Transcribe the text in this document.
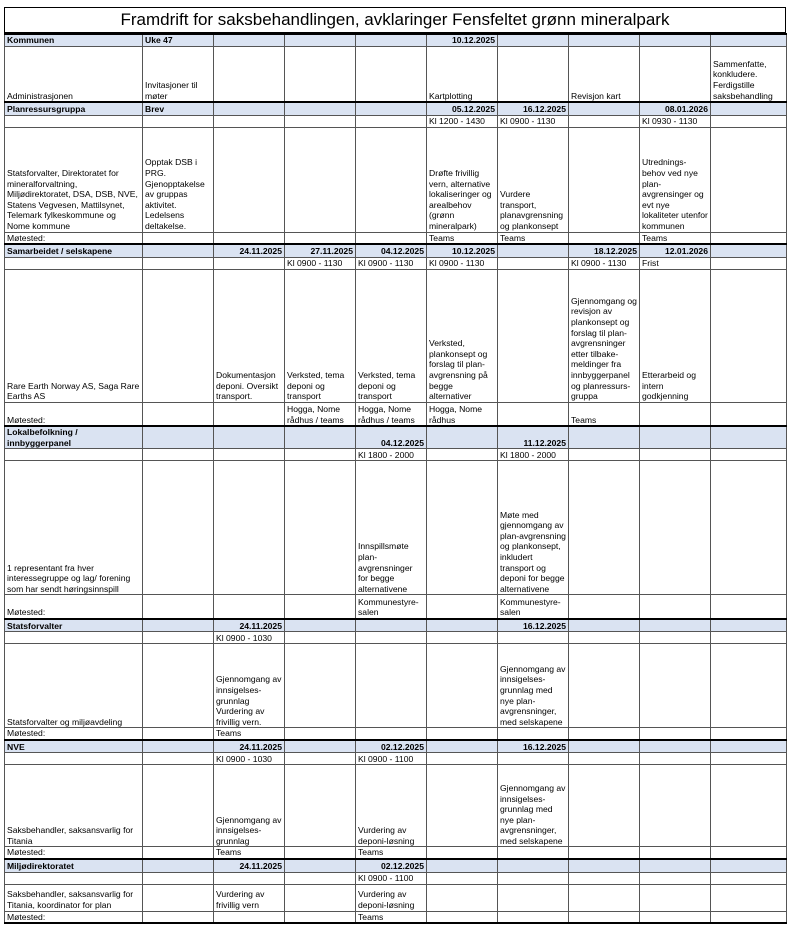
Framdrift for saksbehandlingen, avklaringer Fensfeltet grønn mineralpark
Kommunen	Uke 47				10.12.2025				
Administrasjonen	Invitasjoner til møter				Kartplotting		Revisjon kart		Sammenfatte, konkludere. Ferdigstille saksbehandling
Planressursgruppa	Brev				05.12.2025	16.12.2025		08.01.2026	
					Kl 1200 - 1430	Kl 0900 - 1130		Kl 0930 - 1130	
Statsforvalter, Direktoratet for mineralforvaltning, Miljødirektoratet, DSA, DSB, NVE, Statens Vegvesen, Mattilsynet, Telemark fylkeskommune og Nome kommune	Opptak DSB i PRG. Gjenopptakelse av gruppas aktivitet. Ledelsens deltakelse.				Drøfte frivillig vern, alternative lokaliseringer og arealbehov (grønn mineralpark)	Vurdere transport, planavgrensning og plankonsept		Utrednings-behov ved nye plan-avgrensinger og evt nye lokaliteter utenfor kommunen	
Møtested:					Teams	Teams		Teams	
Samarbeidet / selskapene		24.11.2025	27.11.2025	04.12.2025	10.12.2025		18.12.2025	12.01.2026	
			Kl 0900 - 1130	Kl 0900 - 1130	Kl 0900 - 1130		Kl 0900 - 1130	Frist	
Rare Earth Norway AS, Saga Rare Earths AS		Dokumentasjon deponi. Oversikt transport.	Verksted, tema deponi og transport	Verksted, tema deponi og transport	Verksted, plankonsept og forslag til plan-avgrensning på begge alternativer		Gjennomgang og revisjon av plankonsept og forslag til plan-avgrensninger etter tilbake-meldinger fra innbyggerpanel og planressurs-gruppa	Etterarbeid og intern godkjenning	
Møtested:			Hogga, Nome rådhus / teams	Hogga, Nome rådhus / teams	Hogga, Nome rådhus		Teams		
Lokalbefolkning / innbyggerpanel				04.12.2025		11.12.2025			
				Kl 1800 - 2000		Kl 1800 - 2000			
1 representant fra hver interessegruppe og lag/ forening som har sendt høringsinnspill				Innspillsmøte plan-avgrensninger for begge alternativene		Møte med gjennomgang av plan-avgrensning og plankonsept, inkludert transport og deponi for begge alternativene			
Møtested:				Kommunestyre-salen		Kommunestyre-salen			
Statsforvalter		24.11.2025				16.12.2025			
		Kl 0900 - 1030							
Statsforvalter og miljøavdeling		Gjennomgang av innsigelses-grunnlag Vurdering av frivillig vern.				Gjennomgang av innsigelses-grunnlag med nye plan-avgrensninger, med selskapene			
Møtested:		Teams							
NVE		24.11.2025		02.12.2025		16.12.2025			
		Kl 0900 - 1030		Kl 0900 - 1100					
Saksbehandler, saksansvarlig for Titania		Gjennomgang av innsigelses-grunnlag		Vurdering av deponi-løsning		Gjennomgang av innsigelses-grunnlag med nye plan-avgrensninger, med selskapene			
Møtested:		Teams		Teams					
Miljødirektoratet		24.11.2025		02.12.2025					
				Kl 0900 - 1100					
Saksbehandler, saksansvarlig for Titania, koordinator for plan		Vurdering av frivillig vern		Vurdering av deponi-løsning					
Møtested:				Teams					
